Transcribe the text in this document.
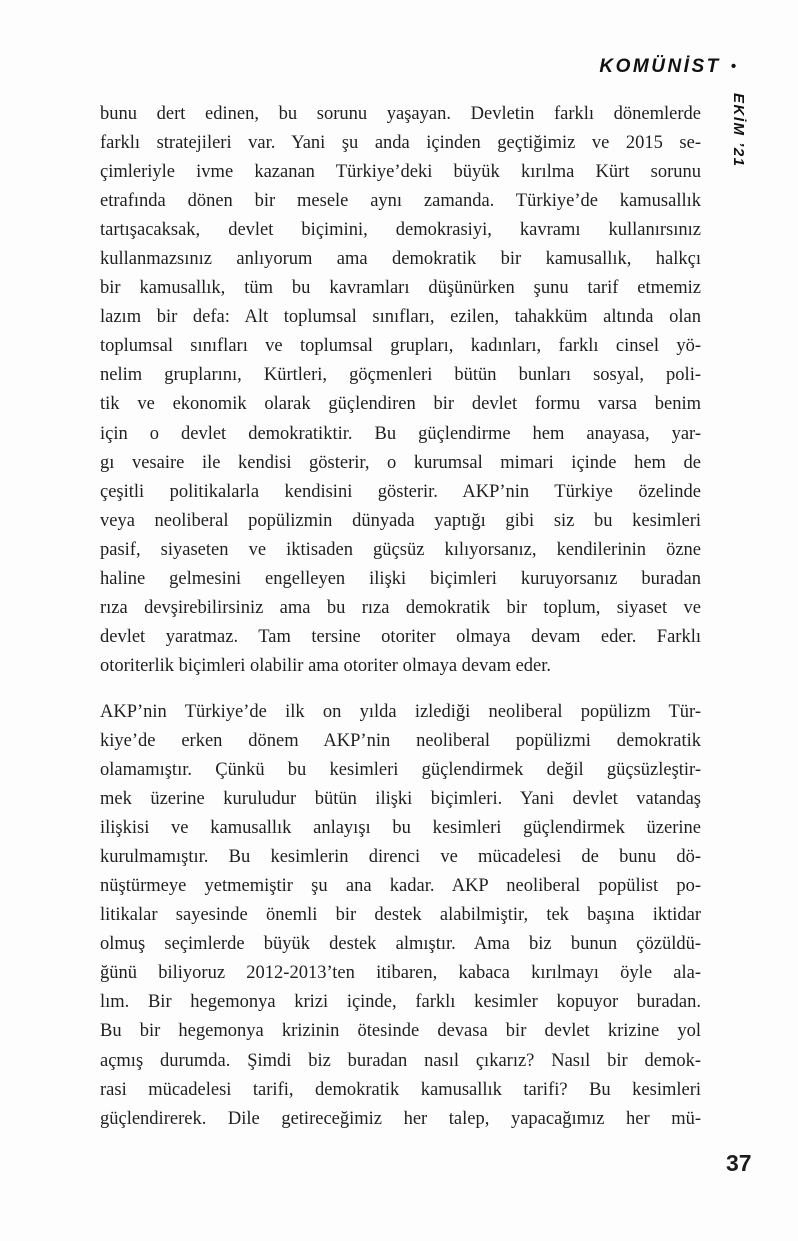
KOMÜNİST •
EKİM ’21
bunu dert edinen, bu sorunu yaşayan. Devletin farklı dönemlerde
farklı stratejileri var. Yani şu anda içinden geçtiğimiz ve 2015 se-
çimleriyle ivme kazanan Türkiye’deki büyük kırılma Kürt sorunu
etrafında dönen bir mesele aynı zamanda. Türkiye’de kamusallık
tartışacaksak, devlet biçimini, demokrasiyi, kavramı kullanırsınız
kullanmazsınız anlıyorum ama demokratik bir kamusallık, halkçı
bir kamusallık, tüm bu kavramları düşünürken şunu tarif etmemiz
lazım bir defa: Alt toplumsal sınıfları, ezilen, tahakküm altında olan
toplumsal sınıfları ve toplumsal grupları, kadınları, farklı cinsel yö-
nelim gruplarını, Kürtleri, göçmenleri bütün bunları sosyal, poli-
tik ve ekonomik olarak güçlendiren bir devlet formu varsa benim
için o devlet demokratiktir. Bu güçlendirme hem anayasa, yar-
gı vesaire ile kendisi gösterir, o kurumsal mimari içinde hem de
çeşitli politikalarla kendisini gösterir. AKP’nin Türkiye özelinde
veya neoliberal popülizmin dünyada yaptığı gibi siz bu kesimleri
pasif, siyaseten ve iktisaden güçsüz kılıyorsanız, kendilerinin özne
haline gelmesini engelleyen ilişki biçimleri kuruyorsanız buradan
rıza devşirebilirsiniz ama bu rıza demokratik bir toplum, siyaset ve
devlet yaratmaz. Tam tersine otoriter olmaya devam eder. Farklı
otoriterlik biçimleri olabilir ama otoriter olmaya devam eder.
AKP’nin Türkiye’de ilk on yılda izlediği neoliberal popülizm Tür-
kiye’de erken dönem AKP’nin neoliberal popülizmi demokratik
olamamıştır. Çünkü bu kesimleri güçlendirmek değil güçsüzleştir-
mek üzerine kuruludur bütün ilişki biçimleri. Yani devlet vatandaş
ilişkisi ve kamusallık anlayışı bu kesimleri güçlendirmek üzerine
kurulmamıştır. Bu kesimlerin direnci ve mücadelesi de bunu dö-
nüştürmeye yetmemiştir şu ana kadar. AKP neoliberal popülist po-
litikalar sayesinde önemli bir destek alabilmiştir, tek başına iktidar
olmuş seçimlerde büyük destek almıştır. Ama biz bunun çözüldü-
ğünü biliyoruz 2012-2013’ten itibaren, kabaca kırılmayı öyle ala-
lım. Bir hegemonya krizi içinde, farklı kesimler kopuyor buradan.
Bu bir hegemonya krizinin ötesinde devasa bir devlet krizine yol
açmış durumda. Şimdi biz buradan nasıl çıkarız? Nasıl bir demok-
rasi mücadelesi tarifi, demokratik kamusallık tarifi? Bu kesimleri
güçlendirerek. Dile getireceğimiz her talep, yapacağımız her mü-
37
